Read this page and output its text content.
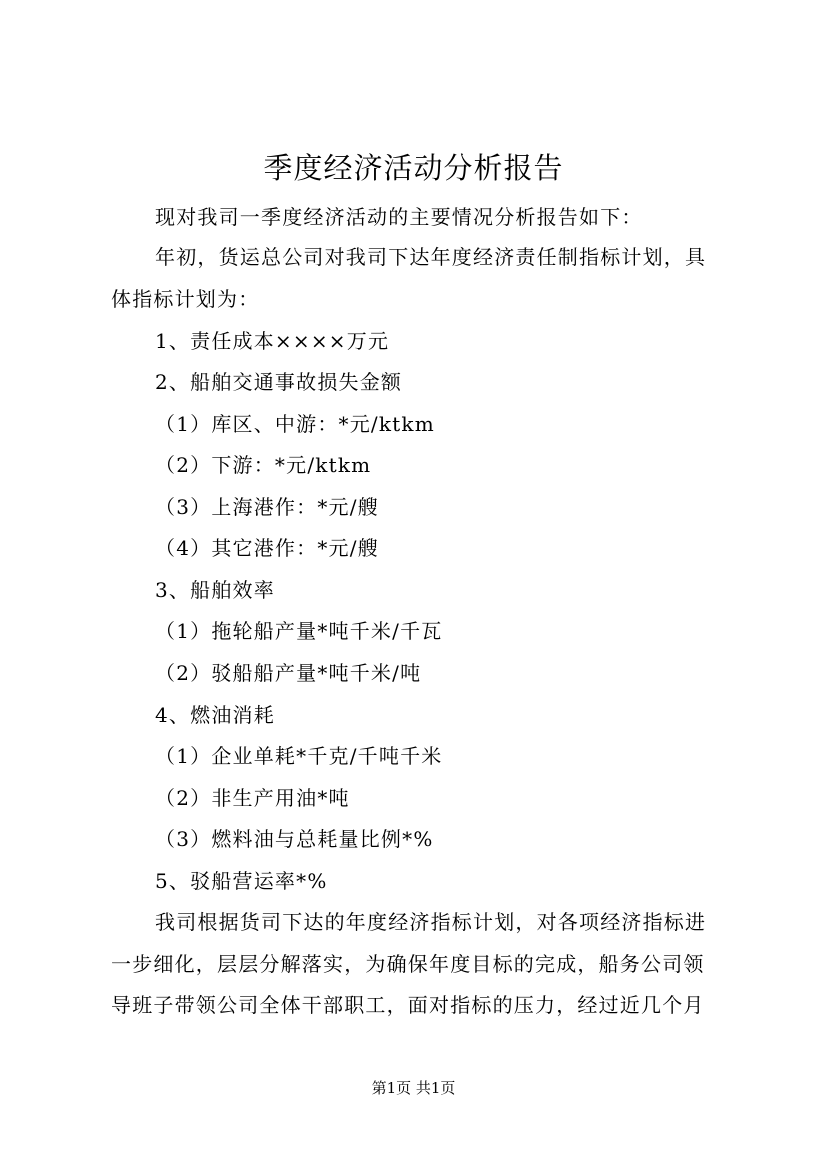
季度经济活动分析报告
现对我司一季度经济活动的主要情况分析报告如下：
年初，货运总公司对我司下达年度经济责任制指标计划，具
体指标计划为：
1、责任成本××××万元
2、船舶交通事故损失金额
（1）库区、中游：*元/ktkm
（2）下游：*元/ktkm
（3）上海港作：*元/艘
（4）其它港作：*元/艘
3、船舶效率
（1）拖轮船产量*吨千米/千瓦
（2）驳船船产量*吨千米/吨
4、燃油消耗
（1）企业单耗*千克/千吨千米
（2）非生产用油*吨
（3）燃料油与总耗量比例*%
5、驳船营运率*%
我司根据货司下达的年度经济指标计划，对各项经济指标进
一步细化，层层分解落实，为确保年度目标的完成，船务公司领
导班子带领公司全体干部职工，面对指标的压力，经过近几个月
第1页 共1页
